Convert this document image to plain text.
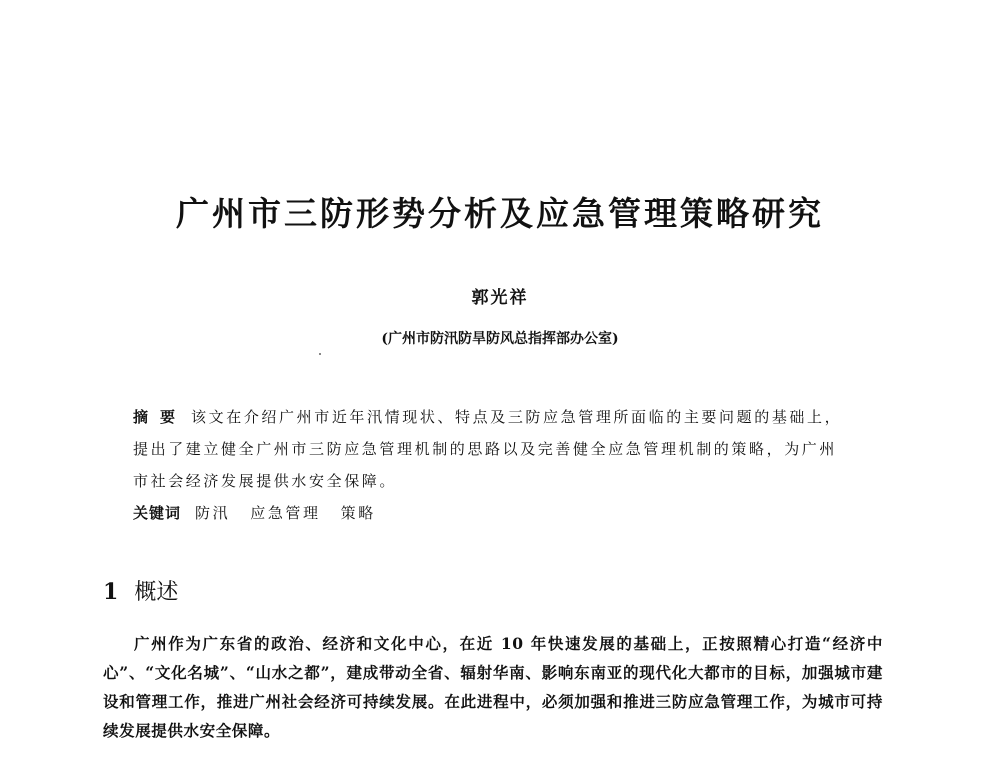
广州市三防形势分析及应急管理策略研究
郭光祥
(广州市防汛防旱防风总指挥部办公室)

摘要 该文在介绍广州市近年汛情现状、特点及三防应急管理所面临的主要问题的基础上，提出了建立健全广州市三防应急管理机制的思路以及完善健全应急管理机制的策略，为广州市社会经济发展提供水安全保障。

关键词 防汛 应急管理 策略

1 概述

广州作为广东省的政治、经济和文化中心，在近 10 年快速发展的基础上，正按照精心打造“经济中心”、“文化名城”、“山水之都”，建成带动全省、辐射华南、影响东南亚的现代化大都市的目标，加强城市建设和管理工作，推进广州社会经济可持续发展。在此进程中，必须加强和推进三防应急管理工作，为城市可持续发展提供水安全保障。
